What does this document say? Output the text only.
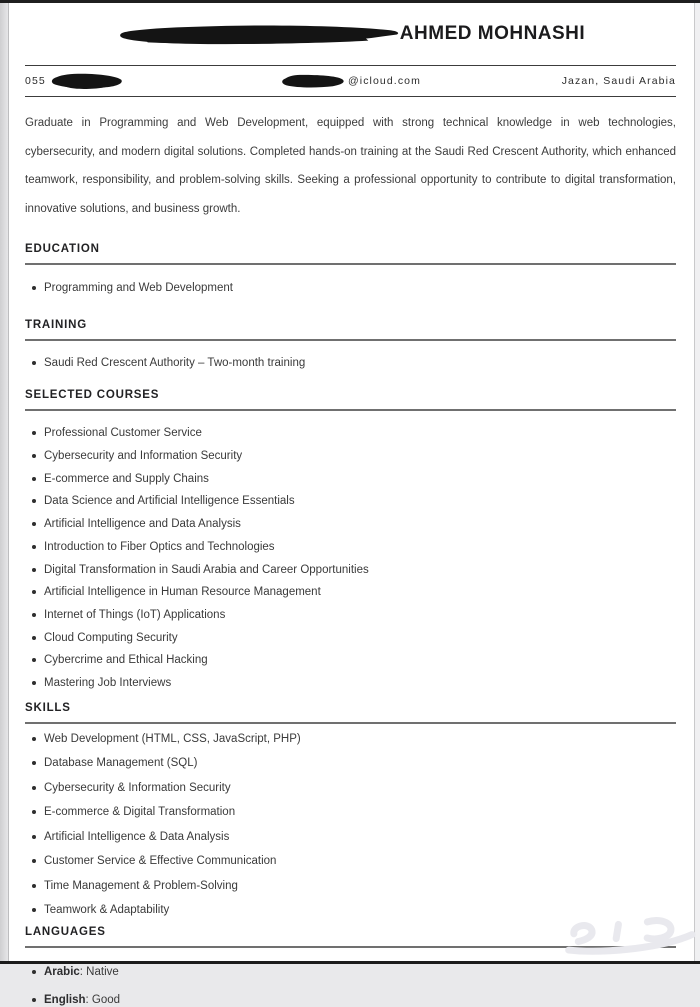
AHMED MOHNASHI
055	@icloud.com	Jazan, Saudi Arabia

Graduate in Programming and Web Development, equipped with strong technical knowledge in web technologies, cybersecurity, and modern digital solutions. Completed hands-on training at the Saudi Red Crescent Authority, which enhanced teamwork, responsibility, and problem-solving skills. Seeking a professional opportunity to contribute to digital transformation, innovative solutions, and business growth.

EDUCATION
Programming and Web Development
TRAINING
Saudi Red Crescent Authority – Two-month training
SELECTED COURSES
Professional Customer Service
Cybersecurity and Information Security
E-commerce and Supply Chains
Data Science and Artificial Intelligence Essentials
Artificial Intelligence and Data Analysis
Introduction to Fiber Optics and Technologies
Digital Transformation in Saudi Arabia and Career Opportunities
Artificial Intelligence in Human Resource Management
Internet of Things (IoT) Applications
Cloud Computing Security
Cybercrime and Ethical Hacking
Mastering Job Interviews
SKILLS
Web Development (HTML, CSS, JavaScript, PHP)
Database Management (SQL)
Cybersecurity & Information Security
E-commerce & Digital Transformation
Artificial Intelligence & Data Analysis
Customer Service & Effective Communication
Time Management & Problem-Solving
Teamwork & Adaptability
LANGUAGES
Arabic: Native
English: Good
